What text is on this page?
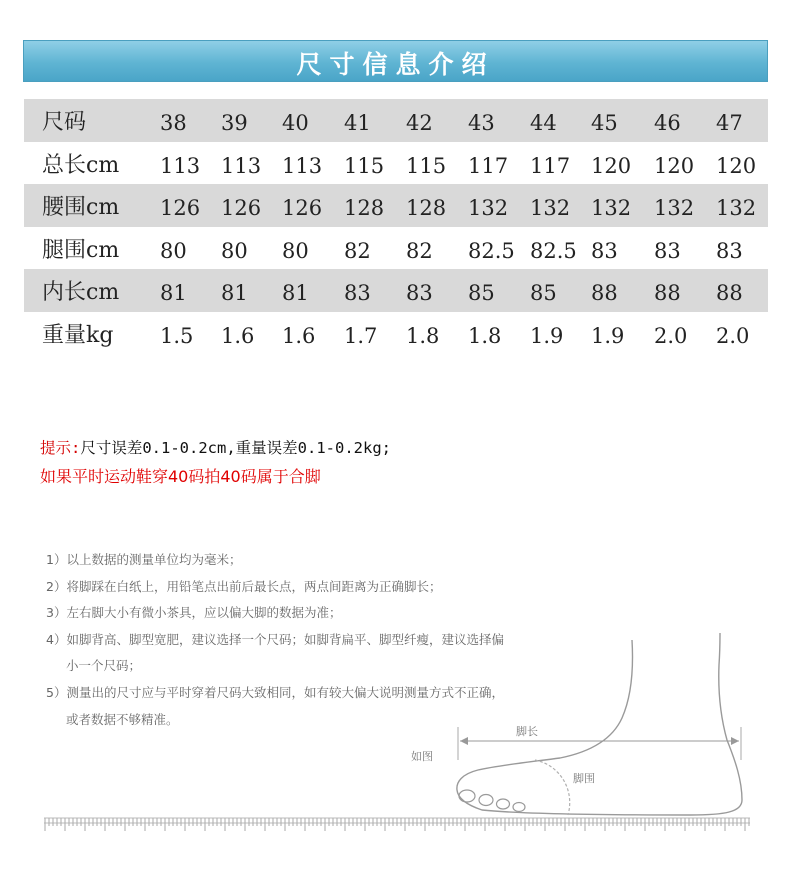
尺寸信息介绍
尺码	38 39 40 41 42 43 44 45 46 47
总长cm 113 113 113 115 115 117 117 120 120 120
腰围cm 126 126 126 128 128 132 132 132 132 132
腿围cm 80 80 80 82 82 82.5 82.5 83 83 83
内长cm 81 81 81 83 83 85 85 88 88 88
重量kg 1.5 1.6 1.6 1.7 1.8 1.8 1.9 1.9 2.0 2.0
提示:尺寸误差0.1-0.2cm,重量误差0.1-0.2kg;
如果平时运动鞋穿40码拍40码属于合脚
1）以上数据的测量单位均为毫米；
2）将脚踩在白纸上，用铅笔点出前后最长点，两点间距离为正确脚长；
3）左右脚大小有微小茶具，应以偏大脚的数据为准；
4）如脚背高、脚型宽肥，建议选择一个尺码；如脚背扁平、脚型纤瘦，建议选择偏
小一个尺码；
5）测量出的尺寸应与平时穿着尺码大致相同，如有较大偏大说明测量方式不正确，
或者数据不够精准。
脚长
如图
脚围
